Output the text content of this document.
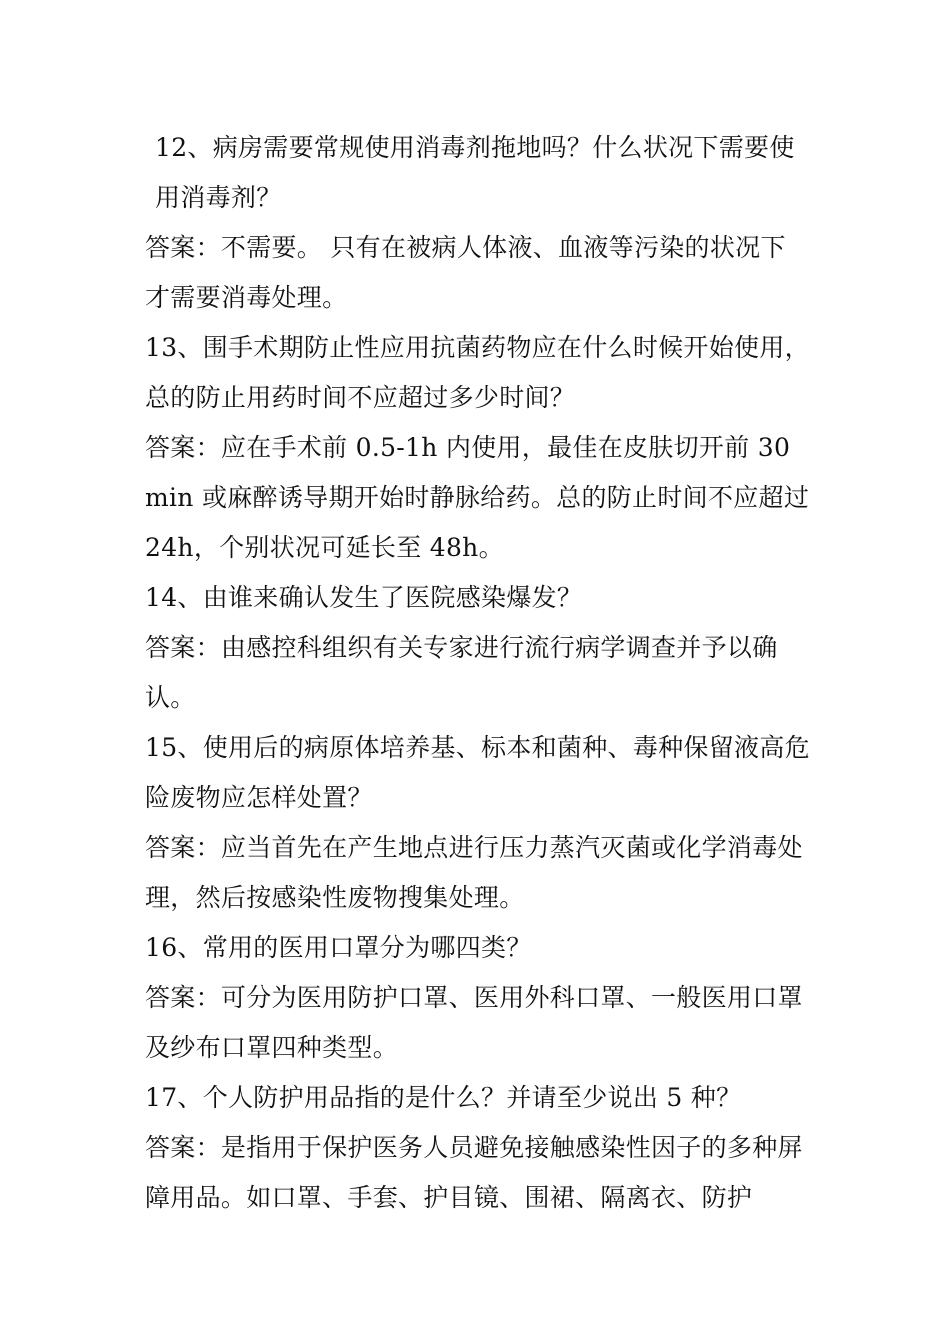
12、病房需要常规使用消毒剂拖地吗？什么状况下需要使用消毒剂？

答案：不需要。 只有在被病人体液、血液等污染的状况下才需要消毒处理。

13、围手术期防止性应用抗菌药物应在什么时候开始使用，总的防止用药时间不应超过多少时间？

答案：应在手术前 0.5-1h 内使用，最佳在皮肤切开前 30 min 或麻醉诱导期开始时静脉给药。总的防止时间不应超过 24h，个别状况可延长至 48h。

14、由谁来确认发生了医院感染爆发？

答案：由感控科组织有关专家进行流行病学调查并予以确认。

15、使用后的病原体培养基、标本和菌种、毒种保留液高危险废物应怎样处置？

答案：应当首先在产生地点进行压力蒸汽灭菌或化学消毒处理，然后按感染性废物搜集处理。

16、常用的医用口罩分为哪四类？

答案：可分为医用防护口罩、医用外科口罩、一般医用口罩及纱布口罩四种类型。

17、个人防护用品指的是什么？并请至少说出 5 种？

答案：是指用于保护医务人员避免接触感染性因子的多种屏障用品。如口罩、手套、护目镜、围裙、隔离衣、防护
